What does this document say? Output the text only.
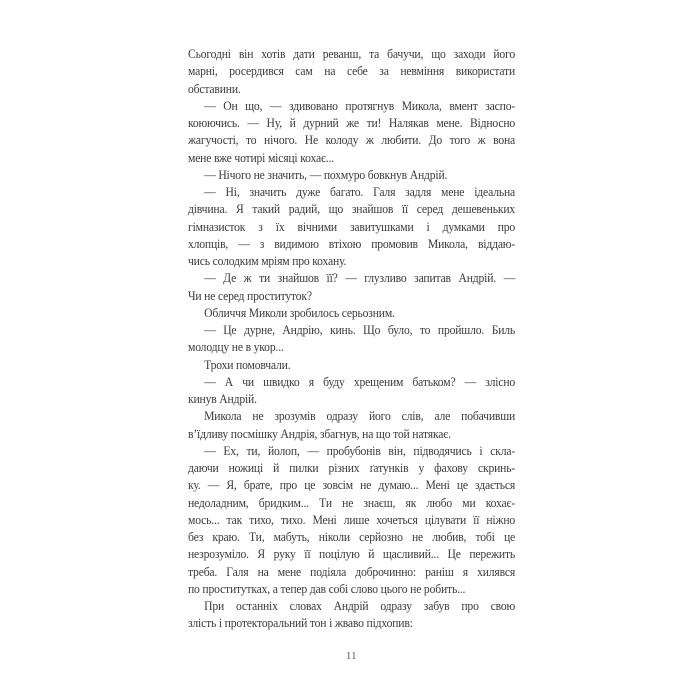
Сьогодні він хотів дати реванш, та бачучи, що заходи його
марні, росердився сам на себе за невміння використати
обставини.
— Он що, — здивовано протягнув Микола, вмент заспо-
коюючись. — Ну, й дурний же ти! Налякав мене. Відносно
жагучості, то нічого. Не колоду ж любити. До того ж вона
мене вже чотирі місяці кохає...
— Нічого не значить, — похмуро бовкнув Андрій.
— Ні, значить дуже багато. Галя задля мене ідеальна
дівчина. Я такий радий, що знайшов її серед дешевеньких
гімназисток з їх вічними завитушками і думками про
хлопців, — з видимою втіхою промовив Микола, віддаю-
чись солодким мріям про кохану.
— Де ж ти знайшов її? — глузливо запитав Андрій. —
Чи не серед проституток?
Обличчя Миколи зробилось серьозним.
— Це дурне, Андрію, кинь. Що було, то пройшло. Биль
молодцу не в укор...
Трохи помовчали.
— А чи швидко я буду хрещеним батьком? — злісно
кинув Андрій.
Микола не зрозумів одразу його слів, але побачивши
в’їдливу посмішку Андрія, збагнув, на що той натякає.
— Ех, ти, йолоп, — пробубонів він, підводячись і скла-
даючи ножиці й пилки різних ґатунків у фахову скринь-
ку. — Я, брате, про це зовсім не думаю... Мені це здається
недоладним, бридким... Ти не знаєш, як любо ми кохає-
мось... так тихо, тихо. Мені лише хочеться цілувати її ніжно
без краю. Ти, мабуть, ніколи серйозно не любив, тобі це
незрозуміло. Я руку її поцілую й щасливий... Це пережить
треба. Галя на мене подіяла доброчинно: раніш я хилявся
по проститутках, а тепер дав собі слово цього не робить...
При останніх словах Андрій одразу забув про свою
злість і протекторальний тон і жваво підхопив:
11
